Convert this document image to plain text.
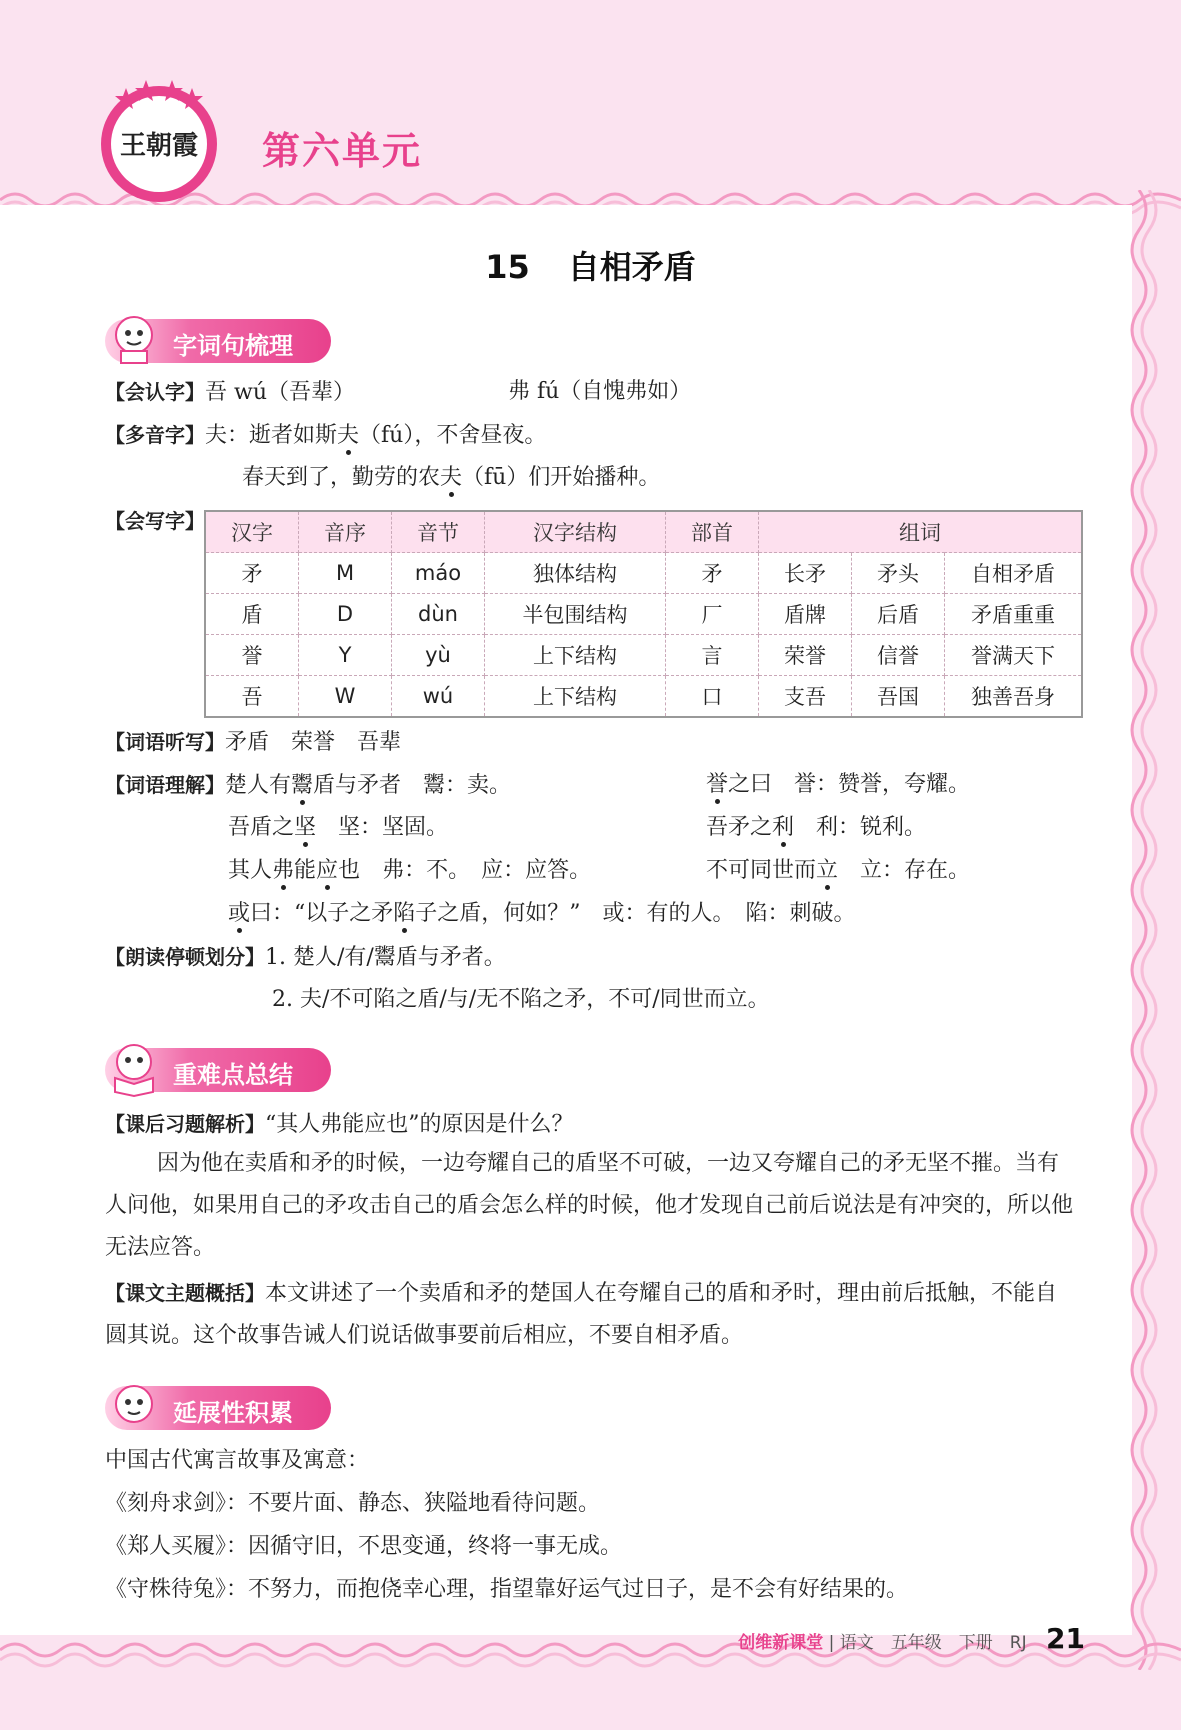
王朝霞 第六单元
15 自相矛盾
字词句梳理
【会认字】吾 wú（吾辈）	弗 fú（自愧弗如）
【多音字】夫：逝者如斯夫（fú），不舍昼夜。
春天到了，勤劳的农夫（fū）们开始播种。
【会写字】 汉字	音序	音节	汉字结构	部首	组词		
矛	M	máo	独体结构	矛	长矛	矛头	自相矛盾
盾	D	dùn	半包围结构	厂	盾牌	后盾	矛盾重重
誉	Y	yù	上下结构	言	荣誉	信誉	誉满天下
吾	W	wú	上下结构	口	支吾	吾国	独善吾身
【词语听写】矛盾　荣誉　吾辈
【词语理解】楚人有鬻盾与矛者　鬻：卖。	誉之曰　誉：赞誉，夸耀。
吾盾之坚　坚：坚固。	吾矛之利　利：锐利。
其人弗能应也　弗：不。　应：应答。	不可同世而立　立：存在。
或曰：“以子之矛陷子之盾，何如？”　或：有的人。　陷：刺破。
【朗读停顿划分】1. 楚人/有/鬻盾与矛者。
2. 夫/不可陷之盾/与/无不陷之矛，不可/同世而立。
重难点总结
【课后习题解析】“其人弗能应也”的原因是什么？
因为他在卖盾和矛的时候，一边夸耀自己的盾坚不可破，一边又夸耀自己的矛无坚不摧。当有人问他，如果用自己的矛攻击自己的盾会怎么样的时候，他才发现自己前后说法是有冲突的，所以他无法应答。
【课文主题概括】本文讲述了一个卖盾和矛的楚国人在夸耀自己的盾和矛时，理由前后抵触，不能自圆其说。这个故事告诫人们说话做事要前后相应，不要自相矛盾。
延展性积累
中国古代寓言故事及寓意：
《刻舟求剑》：不要片面、静态、狭隘地看待问题。
《郑人买履》：因循守旧，不思变通，终将一事无成。
《守株待兔》：不努力，而抱侥幸心理，指望靠好运气过日子，是不会有好结果的。
创维新课堂 | 语文　五年级　下册　RJ 21
